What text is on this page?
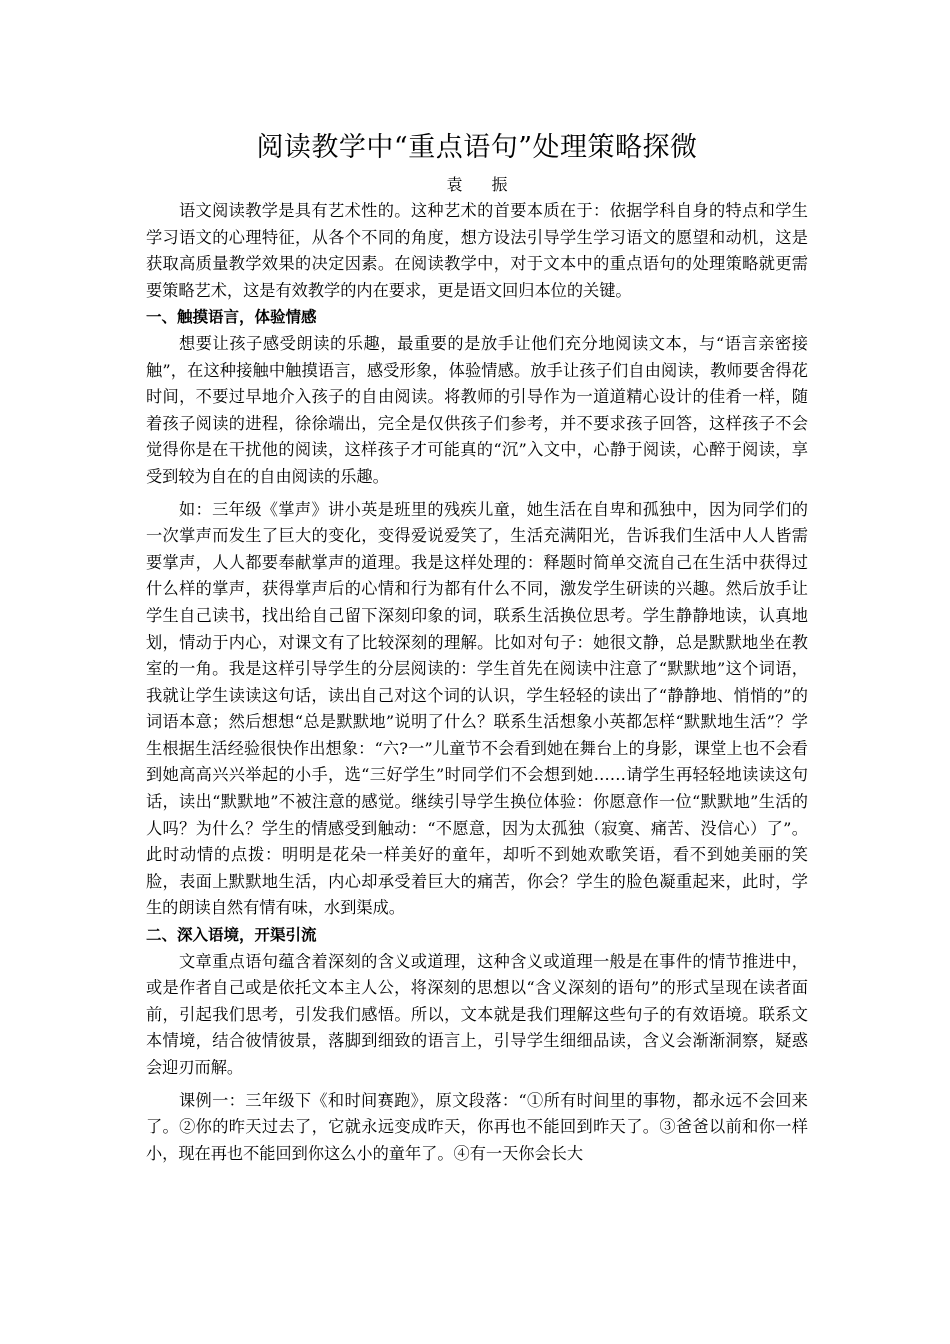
阅读教学中“重点语句”处理策略探微

袁 振

语文阅读教学是具有艺术性的。这种艺术的首要本质在于：依据学科自身的特点和学生学习语文的心理特征，从各个不同的角度，想方设法引导学生学习语文的愿望和动机，这是获取高质量教学效果的决定因素。在阅读教学中，对于文本中的重点语句的处理策略就更需要策略艺术，这是有效教学的内在要求，更是语文回归本位的关键。

一、触摸语言，体验情感

想要让孩子感受朗读的乐趣，最重要的是放手让他们充分地阅读文本，与“语言亲密接触”，在这种接触中触摸语言，感受形象，体验情感。放手让孩子们自由阅读，教师要舍得花时间，不要过早地介入孩子的自由阅读。将教师的引导作为一道道精心设计的佳肴一样，随着孩子阅读的进程，徐徐端出，完全是仅供孩子们参考，并不要求孩子回答，这样孩子不会觉得你是在干扰他的阅读，这样孩子才可能真的“沉”入文中，心静于阅读，心醉于阅读，享受到较为自在的自由阅读的乐趣。

如：三年级《掌声》讲小英是班里的残疾儿童，她生活在自卑和孤独中，因为同学们的一次掌声而发生了巨大的变化，变得爱说爱笑了，生活充满阳光，告诉我们生活中人人皆需要掌声，人人都要奉献掌声的道理。我是这样处理的：释题时简单交流自己在生活中获得过什么样的掌声，获得掌声后的心情和行为都有什么不同，激发学生研读的兴趣。然后放手让学生自己读书，找出给自己留下深刻印象的词，联系生活换位思考。学生静静地读，认真地划，情动于内心，对课文有了比较深刻的理解。比如对句子：她很文静，总是默默地坐在教室的一角。我是这样引导学生的分层阅读的：学生首先在阅读中注意了“默默地”这个词语，我就让学生读读这句话，读出自己对这个词的认识，学生轻轻的读出了“静静地、悄悄的”的词语本意；然后想想“总是默默地”说明了什么？联系生活想象小英都怎样“默默地生活”？学生根据生活经验很快作出想象：“六?一”儿童节不会看到她在舞台上的身影，课堂上也不会看到她高高兴兴举起的小手，选“三好学生”时同学们不会想到她……请学生再轻轻地读读这句话，读出“默默地”不被注意的感觉。继续引导学生换位体验：你愿意作一位“默默地”生活的人吗？为什么？学生的情感受到触动：“不愿意，因为太孤独（寂寞、痛苦、没信心）了”。此时动情的点拨：明明是花朵一样美好的童年，却听不到她欢歌笑语，看不到她美丽的笑脸，表面上默默地生活，内心却承受着巨大的痛苦，你会？学生的脸色凝重起来，此时，学生的朗读自然有情有味，水到渠成。

二、深入语境，开渠引流

文章重点语句蕴含着深刻的含义或道理，这种含义或道理一般是在事件的情节推进中，或是作者自己或是依托文本主人公，将深刻的思想以“含义深刻的语句”的形式呈现在读者面前，引起我们思考，引发我们感悟。所以，文本就是我们理解这些句子的有效语境。联系文本情境，结合彼情彼景，落脚到细致的语言上，引导学生细细品读，含义会渐渐洞察，疑惑会迎刃而解。

课例一：三年级下《和时间赛跑》，原文段落：“①所有时间里的事物，都永远不会回来了。②你的昨天过去了，它就永远变成昨天，你再也不能回到昨天了。③爸爸以前和你一样小，现在再也不能回到你这么小的童年了。④有一天你会长大
